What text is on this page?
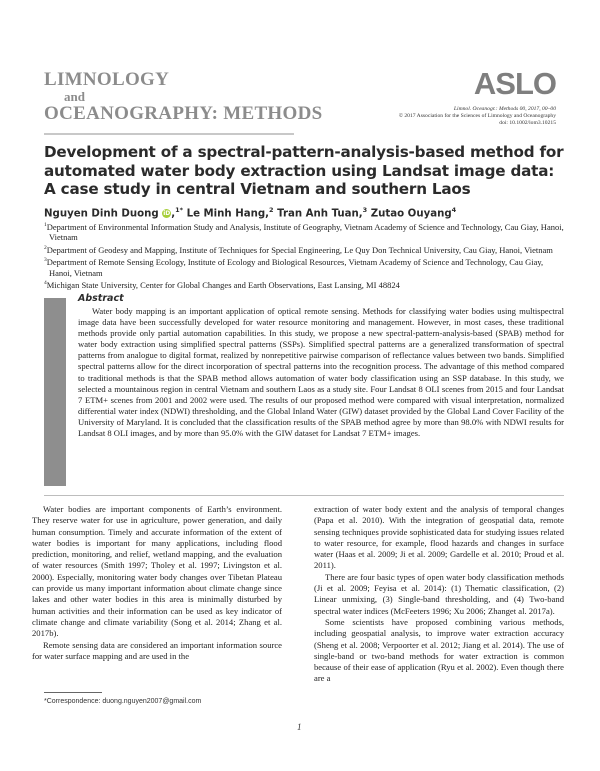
LIMNOLOGY
and
OCEANOGRAPHY: METHODS
ASLO
Limnol. Oceanogr.: Methods 00, 2017, 00–00
© 2017 Association for the Sciences of Limnology and Oceanography
doi: 10.1002/lom3.10215
Development of a spectral-pattern-analysis-based method for automated water body extraction using Landsat image data: A case study in central Vietnam and southern Laos
Nguyen Dinh Duong iD,$^{1*}$ Le Minh Hang,$^2$ Tran Anh Tuan,$^3$ Zutao Ouyang$^4$
$^1$Department of Environmental Information Study and Analysis, Institute of Geography, Vietnam Academy of Science and Technology, Cau Giay, Hanoi, Vietnam
$^2$Department of Geodesy and Mapping, Institute of Techniques for Special Engineering, Le Quy Don Technical University, Cau Giay, Hanoi, Vietnam
$^3$Department of Remote Sensing Ecology, Institute of Ecology and Biological Resources, Vietnam Academy of Science and Technology, Cau Giay, Hanoi, Vietnam
$^4$Michigan State University, Center for Global Changes and Earth Observations, East Lansing, MI 48824
Abstract
Water body mapping is an important application of optical remote sensing. Methods for classifying water bodies using multispectral image data have been successfully developed for water resource monitoring and management. However, in most cases, these traditional methods provide only partial automation capabilities. In this study, we propose a new spectral-pattern-analysis-based (SPAB) method for water body extraction using simplified spectral patterns (SSPs). Simplified spectral patterns are a generalized transformation of spectral patterns from analogue to digital format, realized by nonrepetitive pairwise comparison of reflectance values between two bands. Simplified spectral patterns allow for the direct incorporation of spectral patterns into the recognition process. The advantage of this method compared to traditional methods is that the SPAB method allows automation of water body classification using an SSP database. In this study, we selected a mountainous region in central Vietnam and southern Laos as a study site. Four Landsat 8 OLI scenes from 2015 and four Landsat 7 ETM+ scenes from 2001 and 2002 were used. The results of our proposed method were compared with visual interpretation, normalized differential water index (NDWI) thresholding, and the Global Inland Water (GIW) dataset provided by the Global Land Cover Facility of the University of Maryland. It is concluded that the classification results of the SPAB method agree by more than 98.0% with NDWI results for Landsat 8 OLI images, and by more than 95.0% with the GIW dataset for Landsat 7 ETM+ images.

Water bodies are important components of Earth’s environment. They reserve water for use in agriculture, power generation, and daily human consumption. Timely and accurate information of the extent of water bodies is important for many applications, including flood prediction, monitoring, and relief, wetland mapping, and the evaluation of water resources (Smith 1997; Tholey et al. 1997; Livingston et al. 2000). Especially, monitoring water body changes over Tibetan Plateau can provide us many important information about climate change since lakes and other water bodies in this area is minimally disturbed by human activities and their information can be used as key indicator of climate change and climate variability (Song et al. 2014; Zhang et al. 2017b).

Remote sensing data are considered an important information source for water surface mapping and are used in the

extraction of water body extent and the analysis of temporal changes (Papa et al. 2010). With the integration of geospatial data, remote sensing techniques provide sophisticated data for studying issues related to water resource, for example, flood hazards and changes in surface water (Haas et al. 2009; Ji et al. 2009; Gardelle et al. 2010; Proud et al. 2011).

There are four basic types of open water body classification methods (Ji et al. 2009; Feyisa et al. 2014): (1) Thematic classification, (2) Linear unmixing, (3) Single-band thresholding, and (4) Two-band spectral water indices (McFeeters 1996; Xu 2006; Zhanget al. 2017a).

Some scientists have proposed combining various methods, including geospatial analysis, to improve water extraction accuracy (Sheng et al. 2008; Verpoorter et al. 2012; Jiang et al. 2014). The use of single-band or two-band methods for water extraction is common because of their ease of application (Ryu et al. 2002). Even though there are a

*Correspondence: duong.nguyen2007@gmail.com
1
